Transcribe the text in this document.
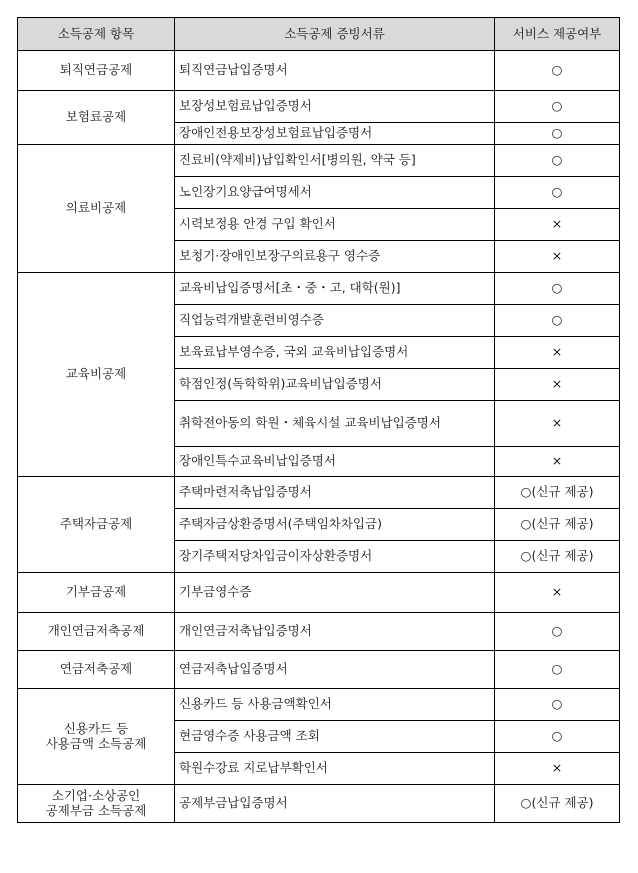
소득공제 항목	소득공제 증빙서류	서비스 제공여부
퇴직연금공제	퇴직연금납입증명서	○
보험료공제	보장성보험료납입증명서	○
	장애인전용보장성보험료납입증명서	○
의료비공제	진료비(약제비)납입확인서[병의원, 약국 등]	○
	노인장기요양급여명세서	○
	시력보정용 안경 구입 확인서	×
	보청기·장애인보장구의료용구 영수증	×
교육비공제	교육비납입증명서[초・중・고, 대학(원)]	○
	직업능력개발훈련비영수증	○
	보육료납부영수증, 국외 교육비납입증명서	×
	학점인정(독학학위)교육비납입증명서	×
	취학전아동의 학원・체육시설 교육비납입증명서	×
	장애인특수교육비납입증명서	×
주택자금공제	주택마련저축납입증명서	○(신규 제공)
	주택자금상환증명서(주택임차차입금)	○(신규 제공)
	장기주택저당차입금이자상환증명서	○(신규 제공)
기부금공제	기부금영수증	×
개인연금저축공제	개인연금저축납입증명서	○
연금저축공제	연금저축납입증명서	○
신용카드 등
사용금액 소득공제	신용카드 등 사용금액확인서	○
	현금영수증 사용금액 조회	○
	학원수강료 지로납부확인서	×
소기업·소상공인
공제부금 소득공제	공제부금납입증명서	○(신규 제공)
